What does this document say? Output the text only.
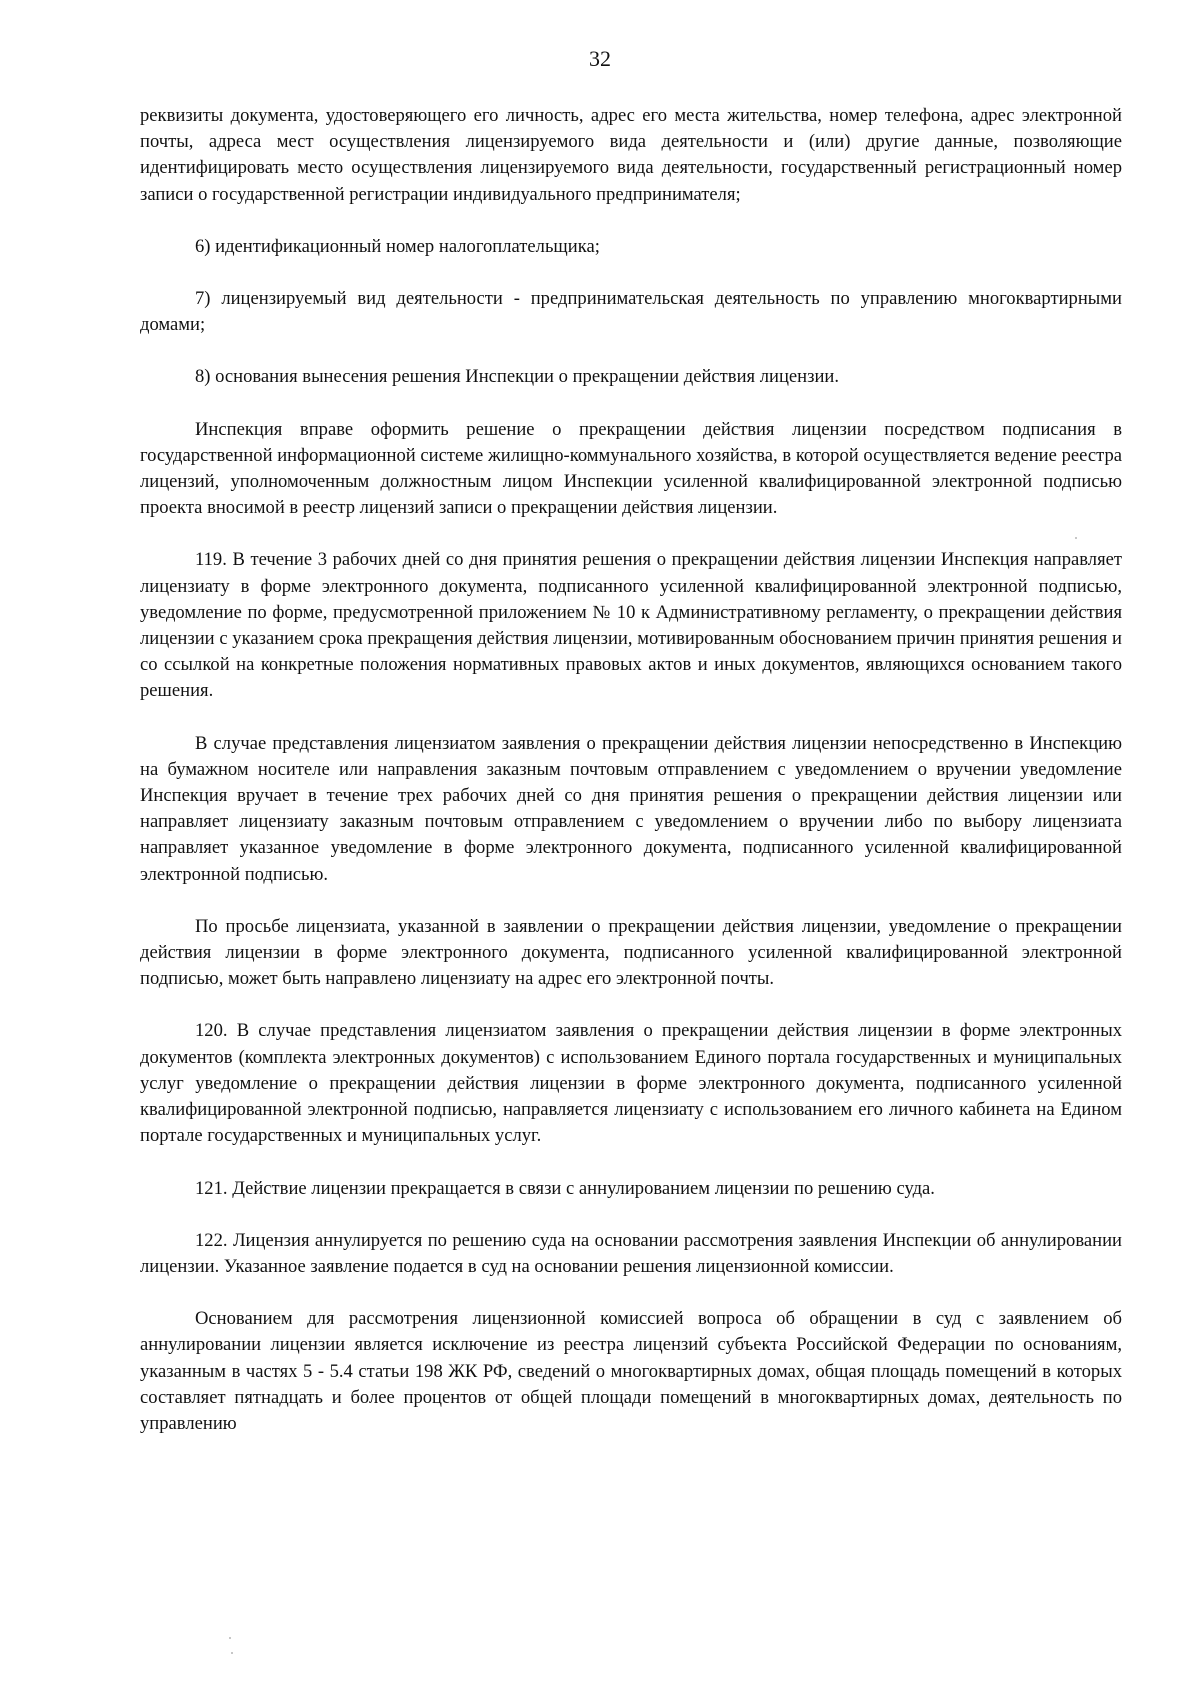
32

реквизиты документа, удостоверяющего его личность, адрес его места жительства, номер телефона, адрес электронной почты, адреса мест осуществления лицензируемого вида деятельности и (или) другие данные, позволяющие идентифицировать место осуществления лицензируемого вида деятельности, государственный регистрационный номер записи о государственной регистрации индивидуального предпринимателя;

6) идентификационный номер налогоплательщика;

7) лицензируемый вид деятельности - предпринимательская деятельность по управлению многоквартирными домами;

8) основания вынесения решения Инспекции о прекращении действия лицензии.

Инспекция вправе оформить решение о прекращении действия лицензии посредством подписания в государственной информационной системе жилищно-коммунального хозяйства, в которой осуществляется ведение реестра лицензий, уполномоченным должностным лицом Инспекции усиленной квалифицированной электронной подписью проекта вносимой в реестр лицензий записи о прекращении действия лицензии.

119. В течение 3 рабочих дней со дня принятия решения о прекращении действия лицензии Инспекция направляет лицензиату в форме электронного документа, подписанного усиленной квалифицированной электронной подписью, уведомление по форме, предусмотренной приложением № 10 к Административному регламенту, о прекращении действия лицензии с указанием срока прекращения действия лицензии, мотивированным обоснованием причин принятия решения и со ссылкой на конкретные положения нормативных правовых актов и иных документов, являющихся основанием такого решения.

В случае представления лицензиатом заявления о прекращении действия лицензии непосредственно в Инспекцию на бумажном носителе или направления заказным почтовым отправлением с уведомлением о вручении уведомление Инспекция вручает в течение трех рабочих дней со дня принятия решения о прекращении действия лицензии или направляет лицензиату заказным почтовым отправлением с уведомлением о вручении либо по выбору лицензиата направляет указанное уведомление в форме электронного документа, подписанного усиленной квалифицированной электронной подписью.

По просьбе лицензиата, указанной в заявлении о прекращении действия лицензии, уведомление о прекращении действия лицензии в форме электронного документа, подписанного усиленной квалифицированной электронной подписью, может быть направлено лицензиату на адрес его электронной почты.

120. В случае представления лицензиатом заявления о прекращении действия лицензии в форме электронных документов (комплекта электронных документов) с использованием Единого портала государственных и муниципальных услуг уведомление о прекращении действия лицензии в форме электронного документа, подписанного усиленной квалифицированной электронной подписью, направляется лицензиату с использованием его личного кабинета на Едином портале государственных и муниципальных услуг.

121. Действие лицензии прекращается в связи с аннулированием лицензии по решению суда.

122. Лицензия аннулируется по решению суда на основании рассмотрения заявления Инспекции об аннулировании лицензии. Указанное заявление подается в суд на основании решения лицензионной комиссии.

Основанием для рассмотрения лицензионной комиссией вопроса об обращении в суд с заявлением об аннулировании лицензии является исключение из реестра лицензий субъекта Российской Федерации по основаниям, указанным в частях 5 - 5.4 статьи 198 ЖК РФ, сведений о многоквартирных домах, общая площадь помещений в которых составляет пятнадцать и более процентов от общей площади помещений в многоквартирных домах, деятельность по управлению
